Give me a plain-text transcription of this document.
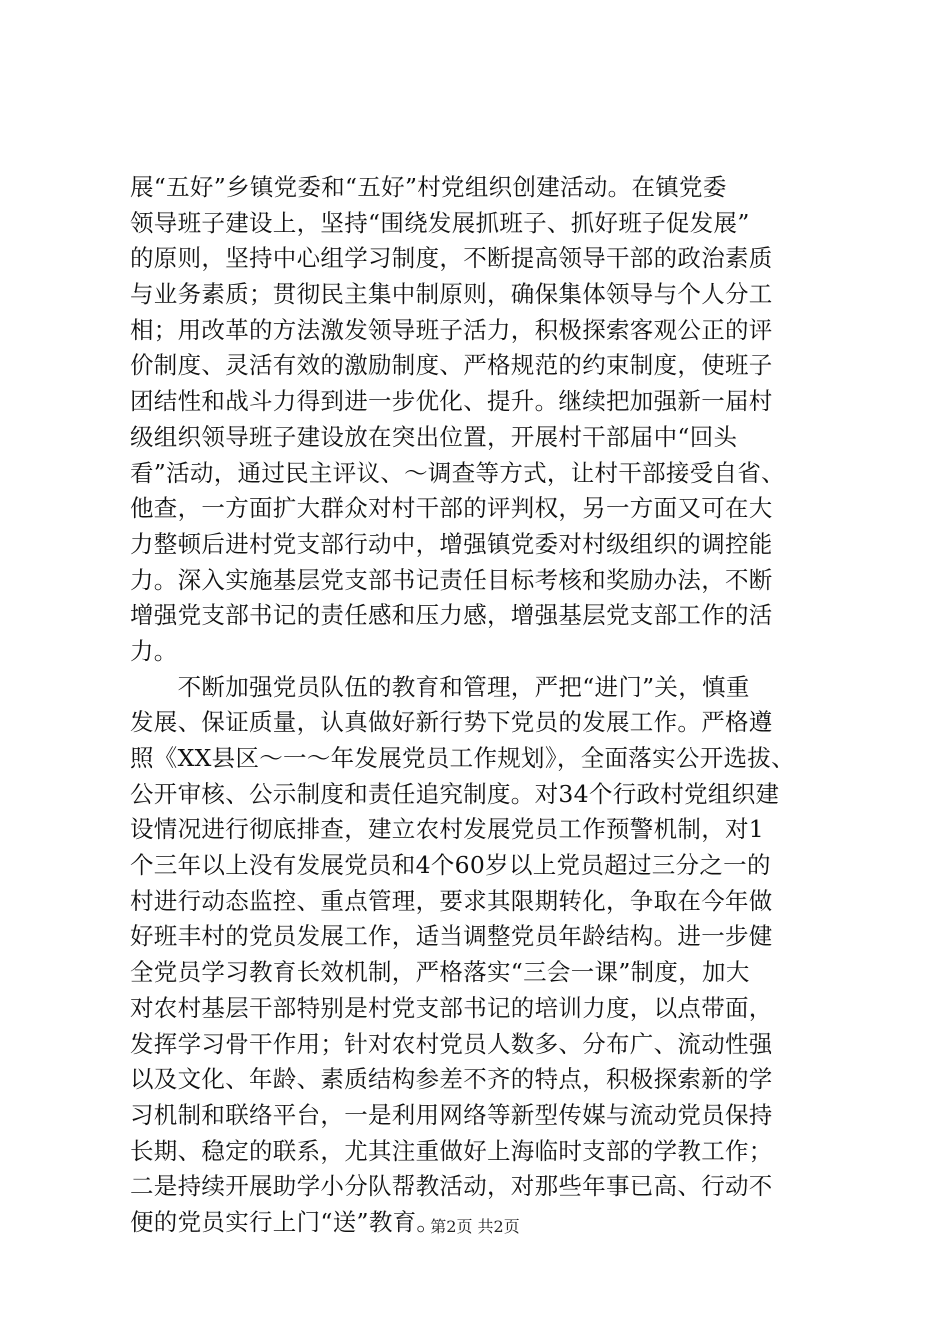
展“五好”乡镇党委和“五好”村党组织创建活动。在镇党委
领导班子建设上，坚持“围绕发展抓班子、抓好班子促发展”
的原则，坚持中心组学习制度，不断提高领导干部的政治素质
与业务素质；贯彻民主集中制原则，确保集体领导与个人分工
相；用改革的方法激发领导班子活力，积极探索客观公正的评
价制度、灵活有效的激励制度、严格规范的约束制度，使班子
团结性和战斗力得到进一步优化、提升。继续把加强新一届村
级组织领导班子建设放在突出位置，开展村干部届中“回头
看”活动，通过民主评议、～调查等方式，让村干部接受自省、
他查，一方面扩大群众对村干部的评判权，另一方面又可在大
力整顿后进村党支部行动中，增强镇党委对村级组织的调控能
力。深入实施基层党支部书记责任目标考核和奖励办法，不断
增强党支部书记的责任感和压力感，增强基层党支部工作的活
力。
　　不断加强党员队伍的教育和管理，严把“进门”关，慎重
发展、保证质量，认真做好新行势下党员的发展工作。严格遵
照《XX县区～一～年发展党员工作规划》，全面落实公开选拔、
公开审核、公示制度和责任追究制度。对34个行政村党组织建
设情况进行彻底排查，建立农村发展党员工作预警机制，对1
个三年以上没有发展党员和4个60岁以上党员超过三分之一的
村进行动态监控、重点管理，要求其限期转化，争取在今年做
好班丰村的党员发展工作，适当调整党员年龄结构。进一步健
全党员学习教育长效机制，严格落实“三会一课”制度，加大
对农村基层干部特别是村党支部书记的培训力度，以点带面，
发挥学习骨干作用；针对农村党员人数多、分布广、流动性强
以及文化、年龄、素质结构参差不齐的特点，积极探索新的学
习机制和联络平台，一是利用网络等新型传媒与流动党员保持
长期、稳定的联系，尤其注重做好上海临时支部的学教工作；
二是持续开展助学小分队帮教活动，对那些年事已高、行动不
便的党员实行上门“送”教育。
第2页 共2页
